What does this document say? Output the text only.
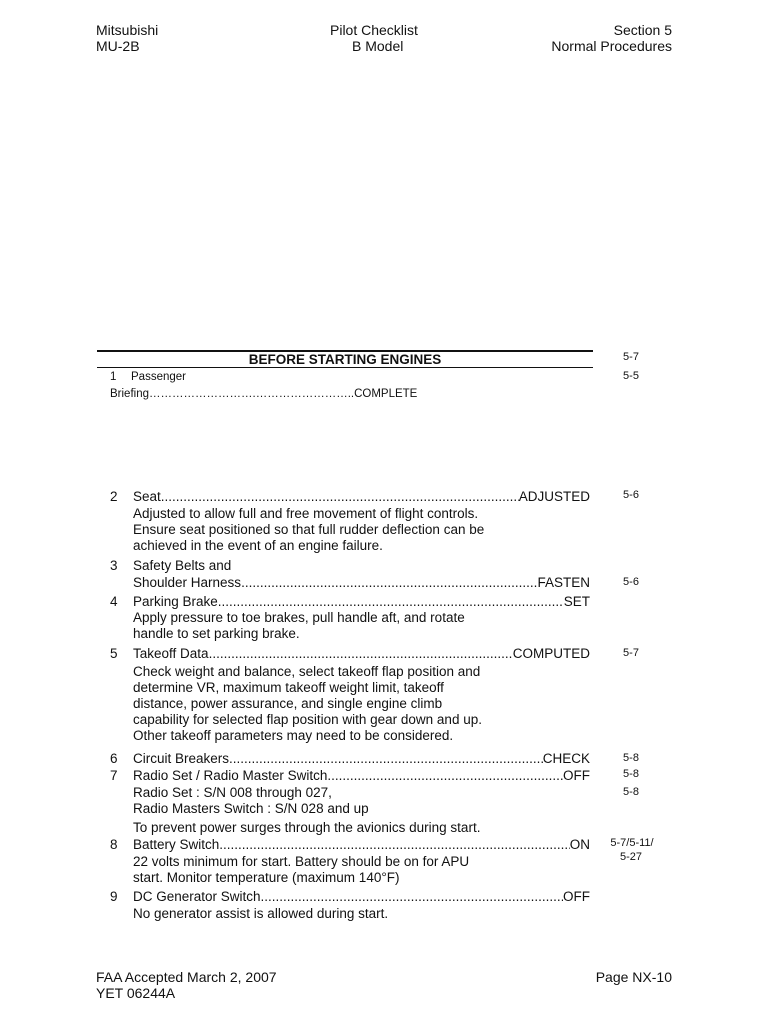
Mitsubishi
MU-2B
Pilot Checklist
B Model
Section 5
Normal Procedures
BEFORE STARTING ENGINES	5-7
1 Passenger	5-5
Briefing……………………….……………………..COMPLETE
2 Seat .....	ADJUSTED	5-6
Adjusted to allow full and free movement of flight controls.
Ensure seat positioned so that full rudder deflection can be
achieved in the event of an engine failure.
3 Safety Belts and
Shoulder Harness .....	FASTEN	5-6
4 Parking Brake .....	SET
Apply pressure to toe brakes, pull handle aft, and rotate
handle to set parking brake.
5 Takeoff Data .....	COMPUTED	5-7
Check weight and balance, select takeoff flap position and
determine VR, maximum takeoff weight limit, takeoff
distance, power assurance, and single engine climb
capability for selected flap position with gear down and up.
Other takeoff parameters may need to be considered.
6 Circuit Breakers .....	CHECK	5-8
7 Radio Set / Radio Master Switch .....	OFF	5-8
Radio Set : S/N 008 through 027,	5-8
Radio Masters Switch : S/N 028 and up
To prevent power surges through the avionics during start.
8 Battery Switch .....	ON	5-7/5-11/
5-27
22 volts minimum for start. Battery should be on for APU
start. Monitor temperature (maximum 140°F)
9 DC Generator Switch .....	OFF
No generator assist is allowed during start.
FAA Accepted March 2, 2007
YET 06244A
Page NX-10
